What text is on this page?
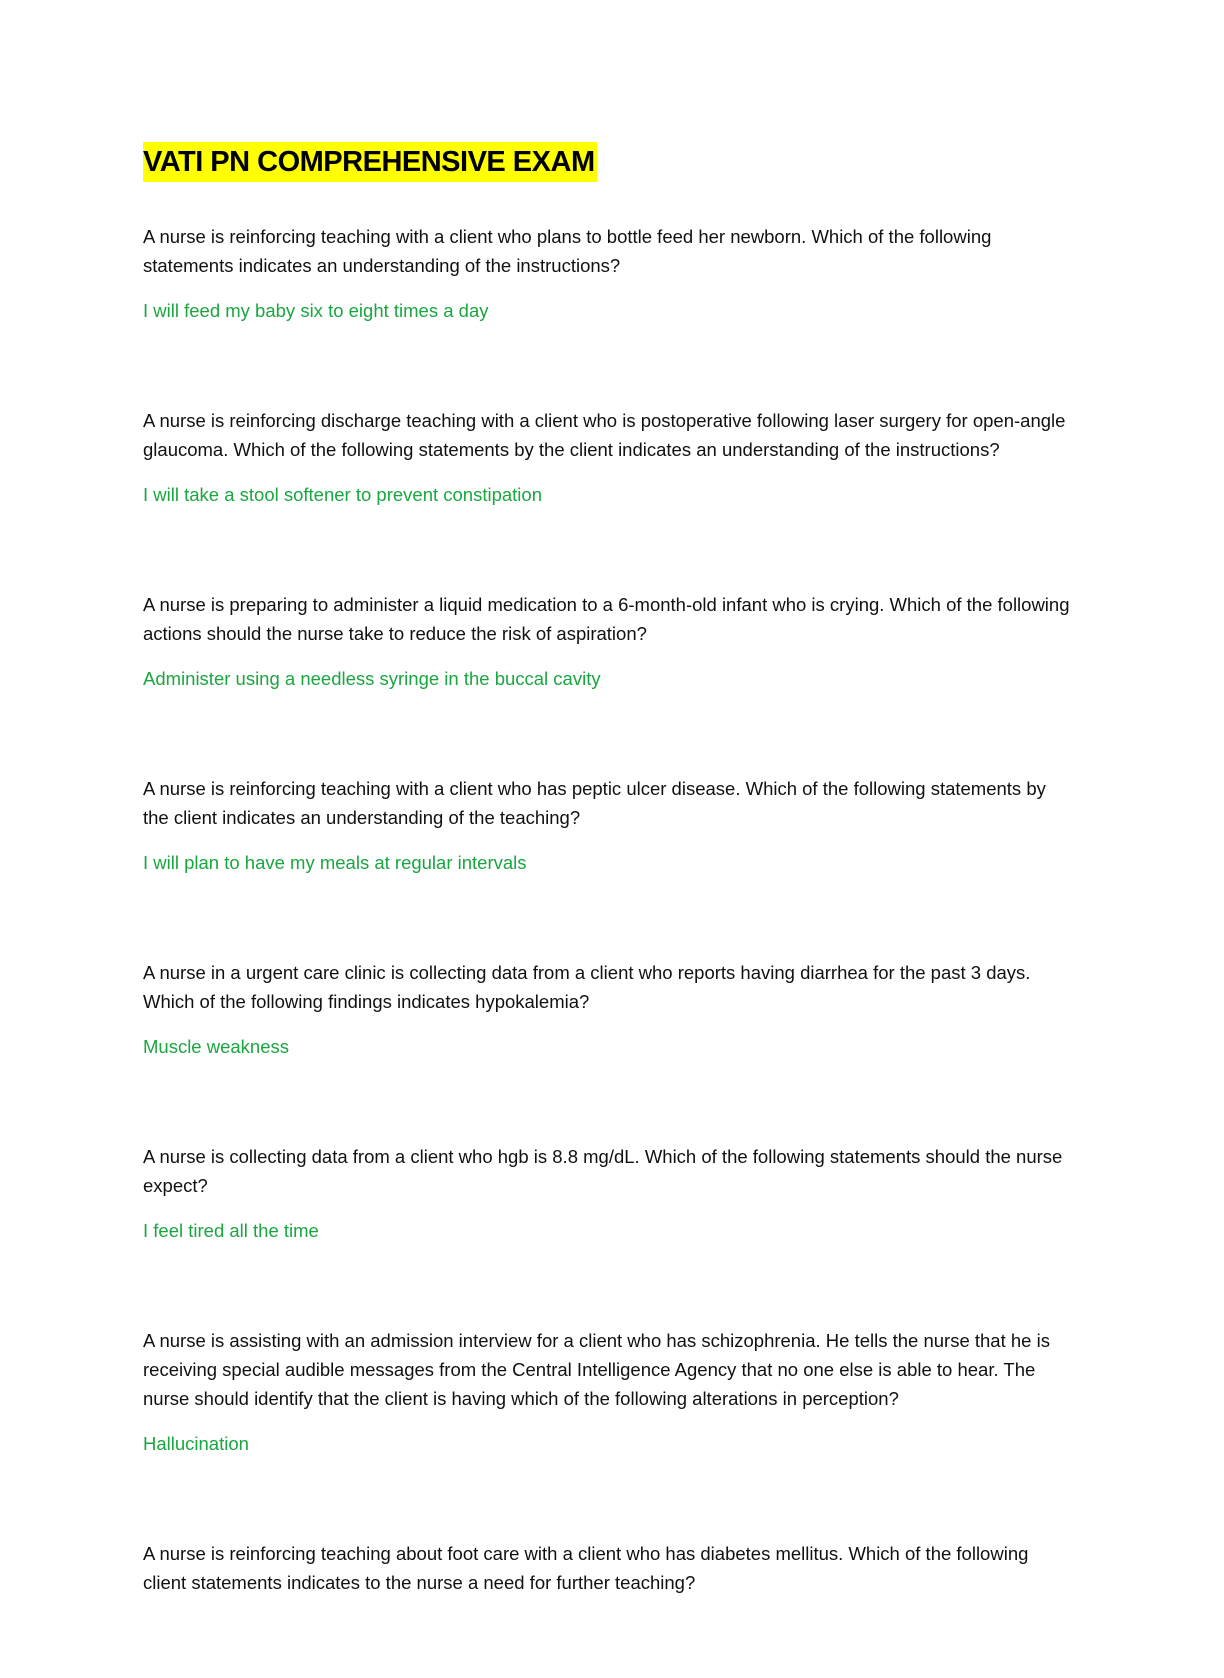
VATI PN COMPREHENSIVE EXAM

A nurse is reinforcing teaching with a client who plans to bottle feed her newborn. Which of the following statements indicates an understanding of the instructions?

I will feed my baby six to eight times a day

A nurse is reinforcing discharge teaching with a client who is postoperative following laser surgery for open-angle glaucoma. Which of the following statements by the client indicates an understanding of the instructions?

I will take a stool softener to prevent constipation

A nurse is preparing to administer a liquid medication to a 6-month-old infant who is crying. Which of the following actions should the nurse take to reduce the risk of aspiration?

Administer using a needless syringe in the buccal cavity

A nurse is reinforcing teaching with a client who has peptic ulcer disease. Which of the following statements by the client indicates an understanding of the teaching?

I will plan to have my meals at regular intervals

A nurse in a urgent care clinic is collecting data from a client who reports having diarrhea for the past 3 days. Which of the following findings indicates hypokalemia?

Muscle weakness

A nurse is collecting data from a client who hgb is 8.8 mg/dL. Which of the following statements should the nurse expect?

I feel tired all the time

A nurse is assisting with an admission interview for a client who has schizophrenia. He tells the nurse that he is receiving special audible messages from the Central Intelligence Agency that no one else is able to hear. The nurse should identify that the client is having which of the following alterations in perception?

Hallucination

A nurse is reinforcing teaching about foot care with a client who has diabetes mellitus. Which of the following client statements indicates to the nurse a need for further teaching?
